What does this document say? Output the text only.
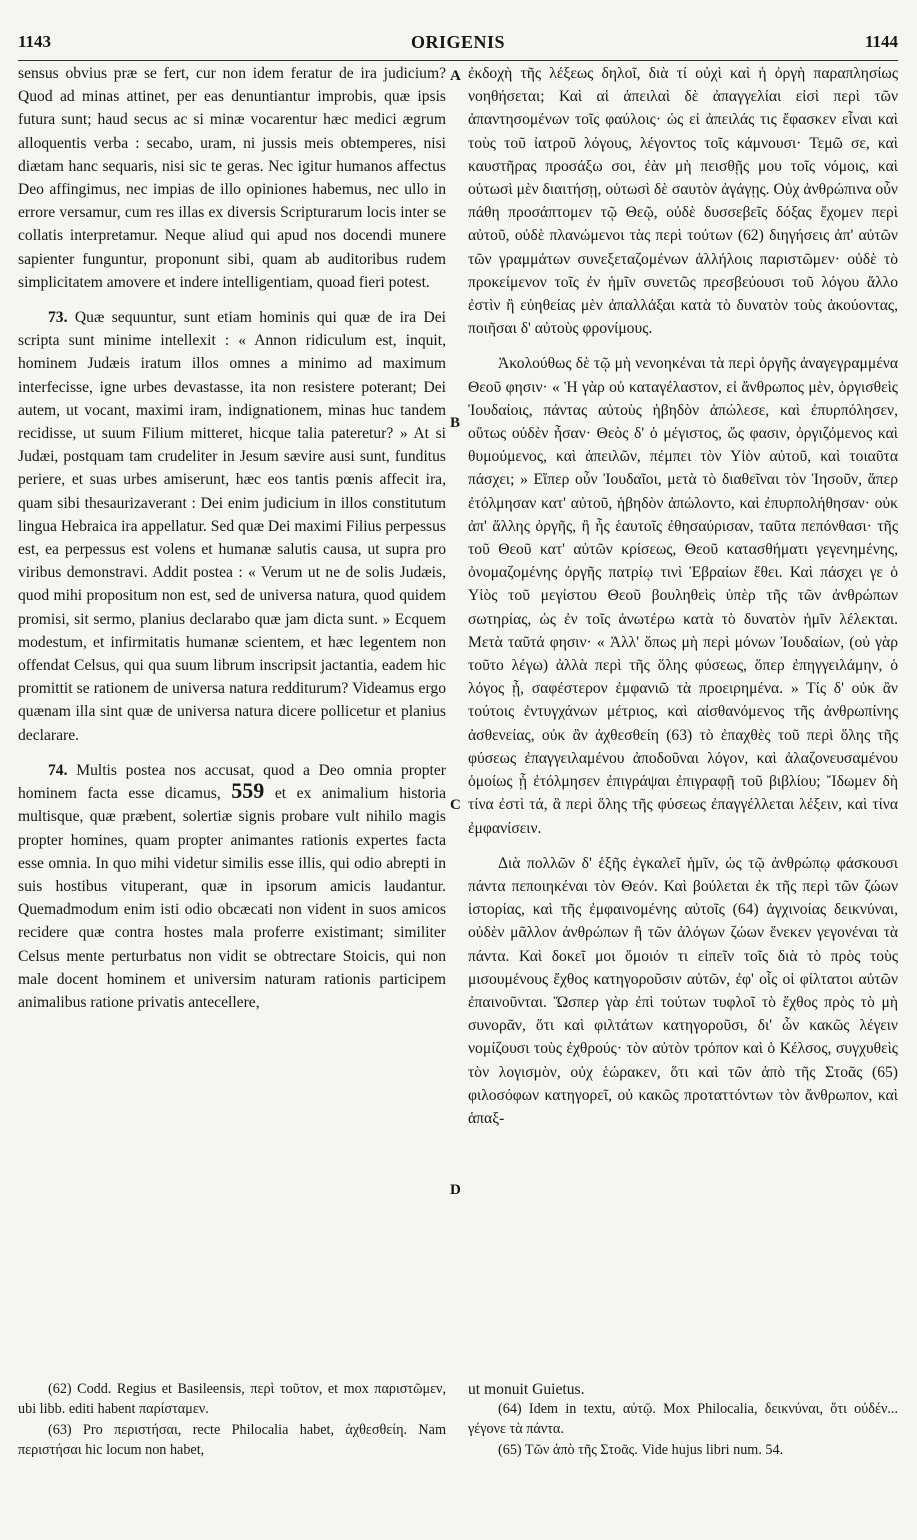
1143	ORIGENIS	1144

sensus obvius præ se fert, cur non idem feratur de ira judicium? Quod ad minas attinet, per eas denuntiantur improbis, quæ ipsis futura sunt; haud secus ac si minæ vocarentur hæc medici ægrum alloquentis verba : secabo, uram, ni jussis meis obtemperes, nisi diætam hanc sequaris, nisi sic te geras. Nec igitur humanos affectus Deo affingimus, nec impias de illo opiniones habemus, nec ullo in errore versamur, cum res illas ex diversis Scripturarum locis inter se collatis interpretamur. Neque aliud qui apud nos docendi munere sapienter funguntur, proponunt sibi, quam ab auditoribus rudem simplicitatem amovere et indere intelligentiam, quoad fieri potest.

73. Quæ sequuntur, sunt etiam hominis qui quæ de ira Dei scripta sunt minime intellexit : « Annon ridiculum est, inquit, hominem Judæis iratum illos omnes a minimo ad maximum interfecisse, igne urbes devastasse, ita non resistere poterant; Dei autem, ut vocant, maximi iram, indignationem, minas huc tandem recidisse, ut suum Filium mitteret, hicque talia pateretur? » At si Judæi, postquam tam crudeliter in Jesum sævire ausi sunt, funditus periere, et suas urbes amiserunt, hæc eos tantis pœnis affecit ira, quam sibi thesaurizaverant : Dei enim judicium in illos constitutum lingua Hebraica ira appellatur. Sed quæ Dei maximi Filius perpessus est, ea perpessus est volens et humanæ salutis causa, ut supra pro viribus demonstravi. Addit postea : « Verum ut ne de solis Judæis, quod mihi propositum non est, sed de universa natura, quod quidem promisi, sit sermo, planius declarabo quæ jam dicta sunt. » Ecquem modestum, et infirmitatis humanæ scientem, et hæc legentem non offendat Celsus, qui qua suum librum inscripsit jactantia, eadem hic promittit se rationem de universa natura redditurum? Videamus ergo quænam illa sint quæ de universa natura dicere pollicetur et planius declarare.

74. Multis postea nos accusat, quod a Deo omnia propter hominem facta esse dicamus, 559 et ex animalium historia multisque, quæ præbent, solertiæ signis probare vult nihilo magis propter homines, quam propter animantes rationis expertes facta esse omnia. In quo mihi videtur similis esse illis, qui odio abrepti in suis hostibus vituperant, quæ in ipsorum amicis laudantur. Quemadmodum enim isti odio obcæcati non vident in suos amicos recidere quæ contra hostes mala proferre existimant; similiter Celsus mente perturbatus non vidit se obtrectare Stoicis, qui non male docent hominem et universim naturam rationis participem animalibus ratione privatis antecellere,

A
B
C
D

ἐκδοχὴ τῆς λέξεως δηλοῖ, διὰ τί οὐχὶ καὶ ἡ ὀργὴ παραπλησίως νοηθήσεται; Καὶ αἱ ἀπειλαὶ δὲ ἀπαγγελίαι εἰσὶ περὶ τῶν ἀπαντησομένων τοῖς φαύλοις· ὡς εἰ ἀπειλάς τις ἔφασκεν εἶναι καὶ τοὺς τοῦ ἰατροῦ λόγους, λέγοντος τοῖς κάμνουσι· Τεμῶ σε, καὶ καυστῆρας προσάξω σοι, ἐὰν μὴ πεισθῇς μου τοῖς νόμοις, καὶ οὑτωσὶ μὲν διαιτήσῃ, οὑτωσὶ δὲ σαυτὸν ἀγάγῃς. Οὐχ ἀνθρώπινα οὖν πάθη προσάπτομεν τῷ Θεῷ, οὐδὲ δυσσεβεῖς δόξας ἔχομεν περὶ αὐτοῦ, οὐδὲ πλανώμενοι τὰς περὶ τούτων (62) διηγήσεις ἀπ' αὐτῶν τῶν γραμμάτων συνεξεταζομένων ἀλλήλοις παριστῶμεν· οὐδὲ τὸ προκείμενον τοῖς ἐν ἡμῖν συνετῶς πρεσβεύουσι τοῦ λόγου ἄλλο ἐστὶν ἢ εὐηθείας μὲν ἀπαλλάξαι κατὰ τὸ δυνατὸν τοὺς ἀκούοντας, ποιῆσαι δ' αὐτοὺς φρονίμους.

Ἀκολούθως δὲ τῷ μὴ νενοηκέναι τὰ περὶ ὀργῆς ἀναγεγραμμένα Θεοῦ φησιν· « Ἡ γὰρ οὐ καταγέλαστον, εἰ ἄνθρωπος μὲν, ὀργισθεὶς Ἰουδαίοις, πάντας αὐτοὺς ἡβηδὸν ἀπώλεσε, καὶ ἐπυρπόλησεν, οὕτως οὐδὲν ἦσαν· Θεὸς δ' ὁ μέγιστος, ὥς φασιν, ὀργιζόμενος καὶ θυμούμενος, καὶ ἀπειλῶν, πέμπει τὸν Υἱὸν αὐτοῦ, καὶ τοιαῦτα πάσχει; » Εἴπερ οὖν Ἰουδαῖοι, μετὰ τὸ διαθεῖναι τὸν Ἰησοῦν, ἅπερ ἐτόλμησαν κατ' αὐτοῦ, ἡβηδὸν ἀπώλοντο, καὶ ἐπυρπολήθησαν· οὐκ ἀπ' ἄλλης ὀργῆς, ἢ ἧς ἑαυτοῖς ἐθησαύρισαν, ταῦτα πεπόνθασι· τῆς τοῦ Θεοῦ κατ' αὐτῶν κρίσεως, Θεοῦ κατασθήματι γεγενημένης, ὀνομαζομένης ὀργῆς πατρίῳ τινὶ Ἑβραίων ἔθει. Καὶ πάσχει γε ὁ Υἱὸς τοῦ μεγίστου Θεοῦ βουληθεὶς ὑπὲρ τῆς τῶν ἀνθρώπων σωτηρίας, ὡς ἐν τοῖς ἀνωτέρω κατὰ τὸ δυνατὸν ἡμῖν λέλεκται. Μετὰ ταῦτά φησιν· « Ἀλλ' ὅπως μὴ περὶ μόνων Ἰουδαίων, (οὐ γὰρ τοῦτο λέγω) ἀλλὰ περὶ τῆς ὅλης φύσεως, ὅπερ ἐπηγγειλάμην, ὁ λόγος ᾖ, σαφέστερον ἐμφανιῶ τὰ προειρημένα. » Τίς δ' οὐκ ἂν τούτοις ἐντυγχάνων μέτριος, καὶ αἰσθανόμενος τῆς ἀνθρωπίνης ἀσθενείας, οὐκ ἂν ἀχθεσθείη (63) τὸ ἐπαχθὲς τοῦ περὶ ὅλης τῆς φύσεως ἐπαγγειλαμένου ἀποδοῦναι λόγον, καὶ ἀλαζονευσαμένου ὁμοίως ᾗ ἐτόλμησεν ἐπιγράψαι ἐπιγραφῇ τοῦ βιβλίου; Ἴδωμεν δὴ τίνα ἐστὶ τά, ἃ περὶ ὅλης τῆς φύσεως ἐπαγγέλλεται λέξειν, καὶ τίνα ἐμφανίσειν.

Διὰ πολλῶν δ' ἑξῆς ἐγκαλεῖ ἡμῖν, ὡς τῷ ἀνθρώπῳ φάσκουσι πάντα πεποιηκέναι τὸν Θεόν. Καὶ βούλεται ἐκ τῆς περὶ τῶν ζώων ἱστορίας, καὶ τῆς ἐμφαινομένης αὐτοῖς (64) ἀγχινοίας δεικνύναι, οὐδὲν μᾶλλον ἀνθρώπων ἢ τῶν ἀλόγων ζώων ἕνεκεν γεγονέναι τὰ πάντα. Καὶ δοκεῖ μοι ὅμοιόν τι εἰπεῖν τοῖς διὰ τὸ πρὸς τοὺς μισουμένους ἔχθος κατηγοροῦσιν αὐτῶν, ἐφ' οἷς οἱ φίλτατοι αὐτῶν ἐπαινοῦνται. Ὥσπερ γὰρ ἐπὶ τούτων τυφλοῖ τὸ ἔχθος πρὸς τὸ μὴ συνορᾶν, ὅτι καὶ φιλτάτων κατηγοροῦσι, δι' ὧν κακῶς λέγειν νομίζουσι τοὺς ἐχθρούς· τὸν αὐτὸν τρόπον καὶ ὁ Κέλσος, συγχυθεὶς τὸν λογισμὸν, οὐχ ἑώρακεν, ὅτι καὶ τῶν ἀπὸ τῆς Στοᾶς (65) φιλοσόφων κατηγορεῖ, οὐ κακῶς προταττόντων τὸν ἄνθρωπον, καὶ ἁπαξ-

(62) Codd. Regius et Basileensis, περὶ τοῦτον, et mox παριστῶμεν, ubi libb. editi habent παρίσταμεν.

(63) Pro περιστήσαι, recte Philocalia habet, ἀχθεσθείη. Nam περιστήσαι hic locum non habet,

ut monuit Guietus.

(64) Idem in textu, αὐτῷ. Mox Philocalia, δεικνύναι, ὅτι οὐδέν... γέγονε τὰ πάντα.

(65) Τῶν ἀπὸ τῆς Στοᾶς. Vide hujus libri num. 54.
